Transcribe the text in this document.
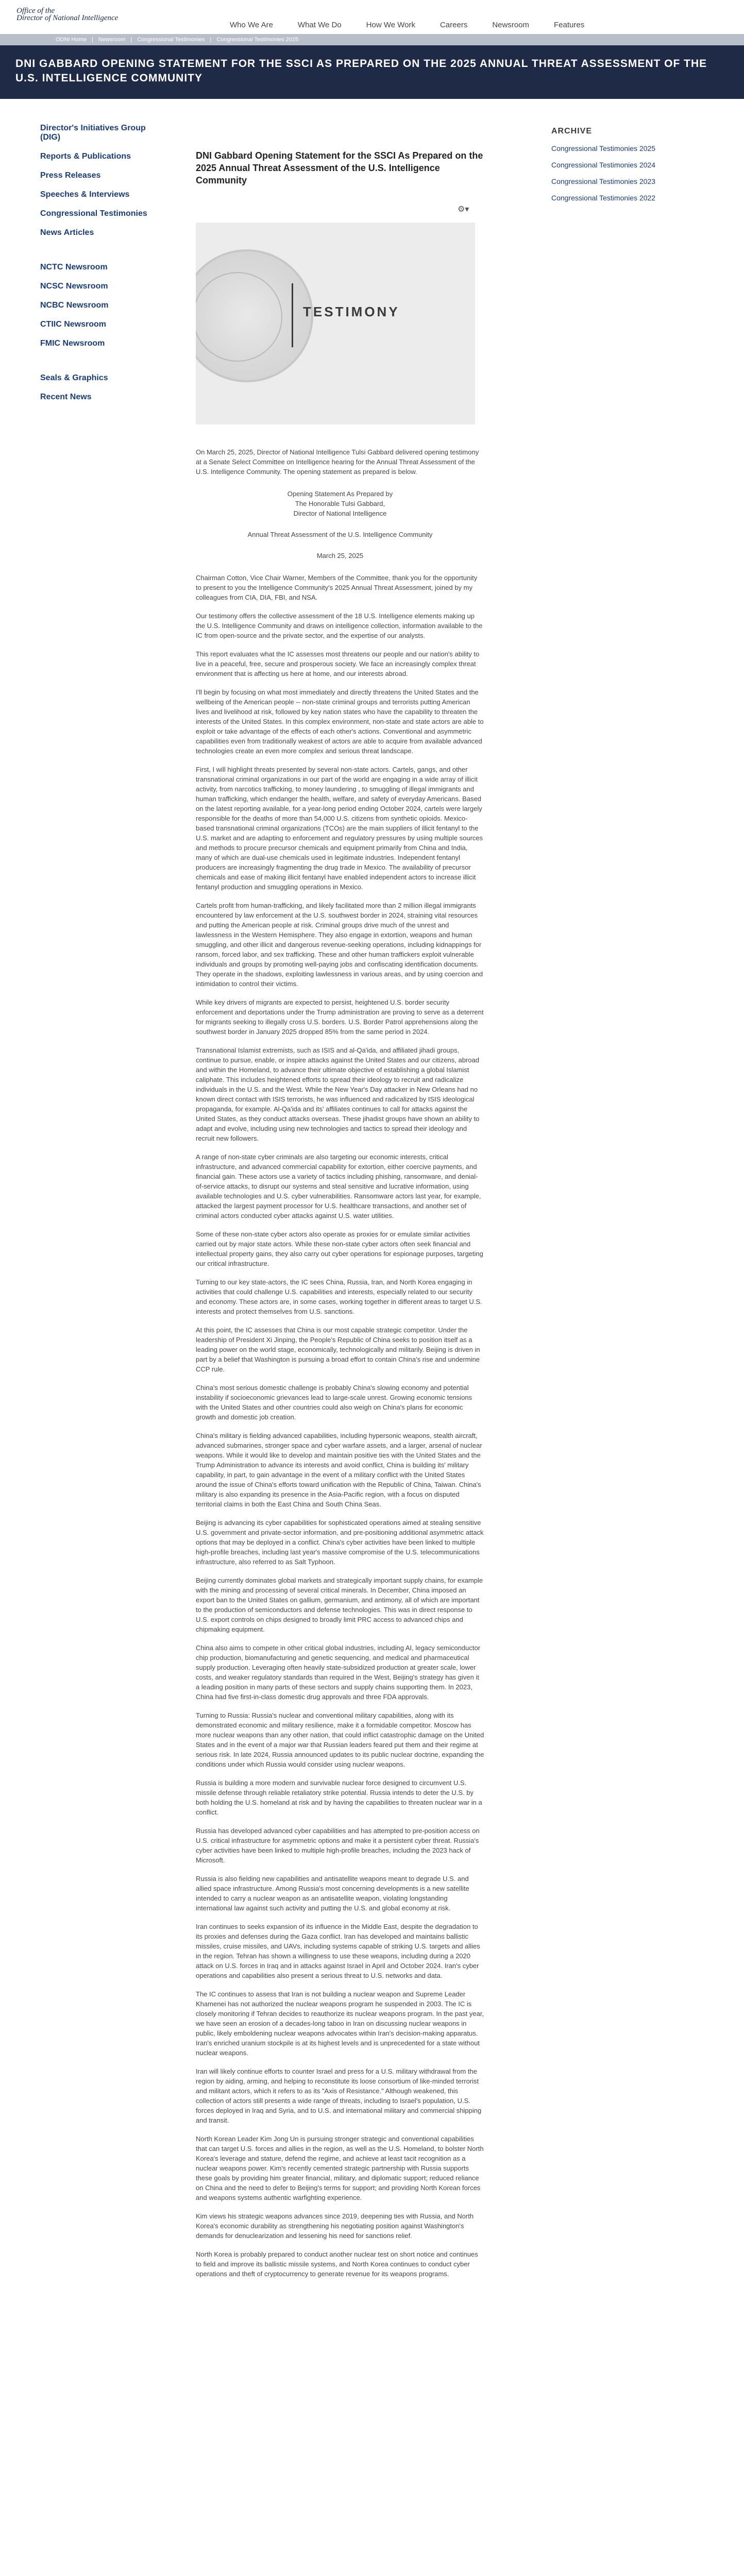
Office of the
Director of National Intelligence
Who We Are	What We Do	How We Work	Careers	Newsroom	Features
ODNI Home | Newsroom | Congressional Testimonies | Congressional Testimonies 2025
DNI GABBARD OPENING STATEMENT FOR THE SSCI AS PREPARED ON THE 2025 ANNUAL THREAT ASSESSMENT OF THE U.S. INTELLIGENCE COMMUNITY
Director's Initiatives Group (DIG)
Reports & Publications
Press Releases
Speeches & Interviews
Congressional Testimonies
News Articles
NCTC Newsroom
NCSC Newsroom
NCBC Newsroom
CTIIC Newsroom
FMIC Newsroom
Seals & Graphics
Recent News
⚙▾
DNI Gabbard Opening Statement for the SSCI As Prepared on the 2025 Annual Threat Assessment of the U.S. Intelligence Community
TESTIMONY

On March 25, 2025, Director of National Intelligence Tulsi Gabbard delivered opening testimony at a Senate Select Committee on Intelligence hearing for the Annual Threat Assessment of the U.S. Intelligence Community. The opening statement as prepared is below.

Opening Statement As Prepared by

The Honorable Tulsi Gabbard,

Director of National Intelligence

Annual Threat Assessment of the U.S. Intelligence Community

March 25, 2025

Chairman Cotton, Vice Chair Warner, Members of the Committee, thank you for the opportunity to present to you the Intelligence Community's 2025 Annual Threat Assessment, joined by my colleagues from CIA, DIA, FBI, and NSA.

Our testimony offers the collective assessment of the 18 U.S. Intelligence elements making up the U.S. Intelligence Community and draws on intelligence collection, information available to the IC from open-source and the private sector, and the expertise of our analysts.

This report evaluates what the IC assesses most threatens our people and our nation's ability to live in a peaceful, free, secure and prosperous society. We face an increasingly complex threat environment that is affecting us here at home, and our interests abroad.

I'll begin by focusing on what most immediately and directly threatens the United States and the wellbeing of the American people -- non-state criminal groups and terrorists putting American lives and livelihood at risk, followed by key nation states who have the capability to threaten the interests of the United States. In this complex environment, non-state and state actors are able to exploit or take advantage of the effects of each other's actions. Conventional and asymmetric capabilities even from traditionally weakest of actors are able to acquire from available advanced technologies create an even more complex and serious threat landscape.

First, I will highlight threats presented by several non-state actors. Cartels, gangs, and other transnational criminal organizations in our part of the world are engaging in a wide array of illicit activity, from narcotics trafficking, to money laundering , to smuggling of illegal immigrants and human trafficking, which endanger the health, welfare, and safety of everyday Americans. Based on the latest reporting available, for a year-long period ending October 2024, cartels were largely responsible for the deaths of more than 54,000 U.S. citizens from synthetic opioids. Mexico-based transnational criminal organizations (TCOs) are the main suppliers of illicit fentanyl to the U.S. market and are adapting to enforcement and regulatory pressures by using multiple sources and methods to procure precursor chemicals and equipment primarily from China and India, many of which are dual-use chemicals used in legitimate industries. Independent fentanyl producers are increasingly fragmenting the drug trade in Mexico. The availability of precursor chemicals and ease of making illicit fentanyl have enabled independent actors to increase illicit fentanyl production and smuggling operations in Mexico.

Cartels profit from human-trafficking, and likely facilitated more than 2 million illegal immigrants encountered by law enforcement at the U.S. southwest border in 2024, straining vital resources and putting the American people at risk. Criminal groups drive much of the unrest and lawlessness in the Western Hemisphere. They also engage in extortion, weapons and human smuggling, and other illicit and dangerous revenue-seeking operations, including kidnappings for ransom, forced labor, and sex trafficking. These and other human traffickers exploit vulnerable individuals and groups by promoting well-paying jobs and confiscating identification documents. They operate in the shadows, exploiting lawlessness in various areas, and by using coercion and intimidation to control their victims.

While key drivers of migrants are expected to persist, heightened U.S. border security enforcement and deportations under the Trump administration are proving to serve as a deterrent for migrants seeking to illegally cross U.S. borders. U.S. Border Patrol apprehensions along the southwest border in January 2025 dropped 85% from the same period in 2024.

Transnational Islamist extremists, such as ISIS and al-Qa'ida, and affiliated jihadi groups, continue to pursue, enable, or inspire attacks against the United States and our citizens, abroad and within the Homeland, to advance their ultimate objective of establishing a global Islamist caliphate. This includes heightened efforts to spread their ideology to recruit and radicalize individuals in the U.S. and the West. While the New Year's Day attacker in New Orleans had no known direct contact with ISIS terrorists, he was influenced and radicalized by ISIS ideological propaganda, for example. Al-Qa'ida and its' affiliates continues to call for attacks against the United States, as they conduct attacks overseas. These jihadist groups have shown an ability to adapt and evolve, including using new technologies and tactics to spread their ideology and recruit new followers.

A range of non-state cyber criminals are also targeting our economic interests, critical infrastructure, and advanced commercial capability for extortion, either coercive payments, and financial gain. These actors use a variety of tactics including phishing, ransomware, and denial-of-service attacks, to disrupt our systems and steal sensitive and lucrative information, using available technologies and U.S. cyber vulnerabilities. Ransomware actors last year, for example, attacked the largest payment processor for U.S. healthcare transactions, and another set of criminal actors conducted cyber attacks against U.S. water utilities.

Some of these non-state cyber actors also operate as proxies for or emulate similar activities carried out by major state actors. While these non-state cyber actors often seek financial and intellectual property gains, they also carry out cyber operations for espionage purposes, targeting our critical infrastructure.

Turning to our key state-actors, the IC sees China, Russia, Iran, and North Korea engaging in activities that could challenge U.S. capabilities and interests, especially related to our security and economy. These actors are, in some cases, working together in different areas to target U.S. interests and protect themselves from U.S. sanctions.

At this point, the IC assesses that China is our most capable strategic competitor. Under the leadership of President Xi Jinping, the People's Republic of China seeks to position itself as a leading power on the world stage, economically, technologically and militarily. Beijing is driven in part by a belief that Washington is pursuing a broad effort to contain China's rise and undermine CCP rule.

China's most serious domestic challenge is probably China's slowing economy and potential instability if socioeconomic grievances lead to large-scale unrest. Growing economic tensions with the United States and other countries could also weigh on China's plans for economic growth and domestic job creation.

China's military is fielding advanced capabilities, including hypersonic weapons, stealth aircraft, advanced submarines, stronger space and cyber warfare assets, and a larger, arsenal of nuclear weapons. While it would like to develop and maintain positive ties with the United States and the Trump Administration to advance its interests and avoid conflict, China is building its' military capability, in part, to gain advantage in the event of a military conflict with the United States around the issue of China's efforts toward unification with the Republic of China, Taiwan. China's military is also expanding its presence in the Asia-Pacific region, with a focus on disputed territorial claims in both the East China and South China Seas.

Beijing is advancing its cyber capabilities for sophisticated operations aimed at stealing sensitive U.S. government and private-sector information, and pre-positioning additional asymmetric attack options that may be deployed in a conflict. China's cyber activities have been linked to multiple high-profile breaches, including last year's massive compromise of the U.S. telecommunications infrastructure, also referred to as Salt Typhoon.

Beijing currently dominates global markets and strategically important supply chains, for example with the mining and processing of several critical minerals. In December, China imposed an export ban to the United States on gallium, germanium, and antimony, all of which are important to the production of semiconductors and defense technologies. This was in direct response to U.S. export controls on chips designed to broadly limit PRC access to advanced chips and chipmaking equipment.

China also aims to compete in other critical global industries, including AI, legacy semiconductor chip production, biomanufacturing and genetic sequencing, and medical and pharmaceutical supply production. Leveraging often heavily state-subsidized production at greater scale, lower costs, and weaker regulatory standards than required in the West, Beijing's strategy has given it a leading position in many parts of these sectors and supply chains supporting them. In 2023, China had five first-in-class domestic drug approvals and three FDA approvals.

Turning to Russia: Russia's nuclear and conventional military capabilities, along with its demonstrated economic and military resilience, make it a formidable competitor. Moscow has more nuclear weapons than any other nation, that could inflict catastrophic damage on the United States and in the event of a major war that Russian leaders feared put them and their regime at serious risk. In late 2024, Russia announced updates to its public nuclear doctrine, expanding the conditions under which Russia would consider using nuclear weapons.

Russia is building a more modern and survivable nuclear force designed to circumvent U.S. missile defense through reliable retaliatory strike potential. Russia intends to deter the U.S. by both holding the U.S. homeland at risk and by having the capabilities to threaten nuclear war in a conflict.

Russia has developed advanced cyber capabilities and has attempted to pre-position access on U.S. critical infrastructure for asymmetric options and make it a persistent cyber threat. Russia's cyber activities have been linked to multiple high-profile breaches, including the 2023 hack of Microsoft.

Russia is also fielding new capabilities and antisatellite weapons meant to degrade U.S. and allied space infrastructure. Among Russia's most concerning developments is a new satellite intended to carry a nuclear weapon as an antisatellite weapon, violating longstanding international law against such activity and putting the U.S. and global economy at risk.

Iran continues to seeks expansion of its influence in the Middle East, despite the degradation to its proxies and defenses during the Gaza conflict. Iran has developed and maintains ballistic missiles, cruise missiles, and UAVs, including systems capable of striking U.S. targets and allies in the region. Tehran has shown a willingness to use these weapons, including during a 2020 attack on U.S. forces in Iraq and in attacks against Israel in April and October 2024. Iran's cyber operations and capabilities also present a serious threat to U.S. networks and data.

The IC continues to assess that Iran is not building a nuclear weapon and Supreme Leader Khamenei has not authorized the nuclear weapons program he suspended in 2003. The IC is closely monitoring if Tehran decides to reauthorize its nuclear weapons program. In the past year, we have seen an erosion of a decades-long taboo in Iran on discussing nuclear weapons in public, likely emboldening nuclear weapons advocates within Iran's decision-making apparatus. Iran's enriched uranium stockpile is at its highest levels and is unprecedented for a state without nuclear weapons.

Iran will likely continue efforts to counter Israel and press for a U.S. military withdrawal from the region by aiding, arming, and helping to reconstitute its loose consortium of like-minded terrorist and militant actors, which it refers to as its "Axis of Resistance." Although weakened, this collection of actors still presents a wide range of threats, including to Israel's population, U.S. forces deployed in Iraq and Syria, and to U.S. and international military and commercial shipping and transit.

North Korean Leader Kim Jong Un is pursuing stronger strategic and conventional capabilities that can target U.S. forces and allies in the region, as well as the U.S. Homeland, to bolster North Korea's leverage and stature, defend the regime, and achieve at least tacit recognition as a nuclear weapons power. Kim's recently cemented strategic partnership with Russia supports these goals by providing him greater financial, military, and diplomatic support; reduced reliance on China and the need to defer to Beijing's terms for support; and providing North Korean forces and weapons systems authentic warfighting experience.

Kim views his strategic weapons advances since 2019, deepening ties with Russia, and North Korea's economic durability as strengthening his negotiating position against Washington's demands for denuclearization and lessening his need for sanctions relief.

North Korea is probably prepared to conduct another nuclear test on short notice and continues to field and improve its ballistic missile systems, and North Korea continues to conduct cyber operations and theft of cryptocurrency to generate revenue for its weapons programs.

ARCHIVE
Congressional Testimonies 2025
Congressional Testimonies 2024
Congressional Testimonies 2023
Congressional Testimonies 2022
